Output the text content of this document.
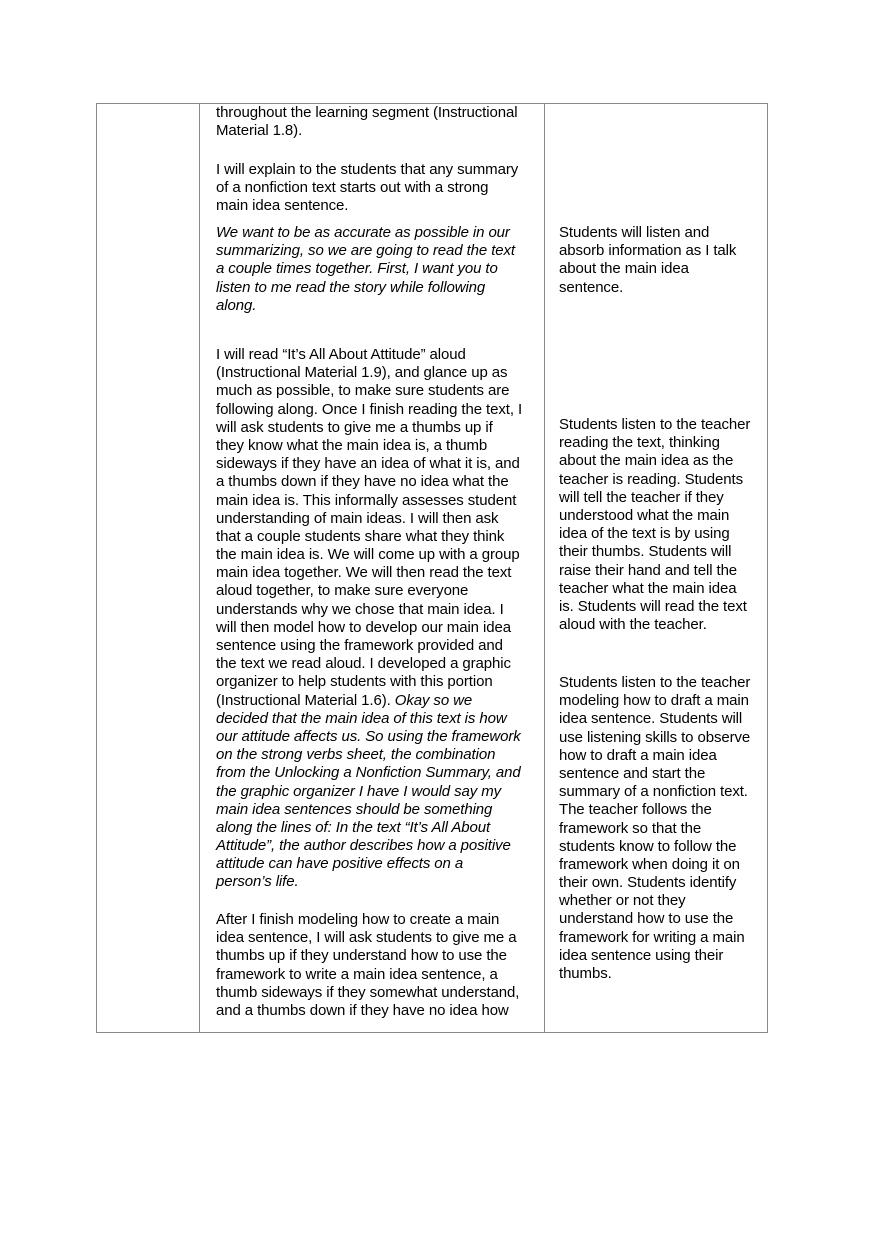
throughout the learning segment (Instructional
Material 1.8).
I will explain to the students that any summary
of a nonfiction text starts out with a strong
main idea sentence.
We want to be as accurate as possible in our
summarizing, so we are going to read the text
a couple times together. First, I want you to
listen to me read the story while following
along.
I will read “It’s All About Attitude” aloud
(Instructional Material 1.9), and glance up as
much as possible, to make sure students are
following along. Once I finish reading the text, I
will ask students to give me a thumbs up if
they know what the main idea is, a thumb
sideways if they have an idea of what it is, and
a thumbs down if they have no idea what the
main idea is. This informally assesses student
understanding of main ideas. I will then ask
that a couple students share what they think
the main idea is. We will come up with a group
main idea together. We will then read the text
aloud together, to make sure everyone
understands why we chose that main idea. I
will then model how to develop our main idea
sentence using the framework provided and
the text we read aloud. I developed a graphic
organizer to help students with this portion
(Instructional Material 1.6). Okay so we
decided that the main idea of this text is how
our attitude affects us. So using the framework
on the strong verbs sheet, the combination
from the Unlocking a Nonfiction Summary, and
the graphic organizer I have I would say my
main idea sentences should be something
along the lines of: In the text “It’s All About
Attitude”, the author describes how a positive
attitude can have positive effects on a
person’s life.
After I finish modeling how to create a main
idea sentence, I will ask students to give me a
thumbs up if they understand how to use the
framework to write a main idea sentence, a
thumb sideways if they somewhat understand,
and a thumbs down if they have no idea how
Students will listen and
absorb information as I talk
about the main idea
sentence.
Students listen to the teacher
reading the text, thinking
about the main idea as the
teacher is reading. Students
will tell the teacher if they
understood what the main
idea of the text is by using
their thumbs. Students will
raise their hand and tell the
teacher what the main idea
is. Students will read the text
aloud with the teacher.
Students listen to the teacher
modeling how to draft a main
idea sentence. Students will
use listening skills to observe
how to draft a main idea
sentence and start the
summary of a nonfiction text.
The teacher follows the
framework so that the
students know to follow the
framework when doing it on
their own. Students identify
whether or not they
understand how to use the
framework for writing a main
idea sentence using their
thumbs.
